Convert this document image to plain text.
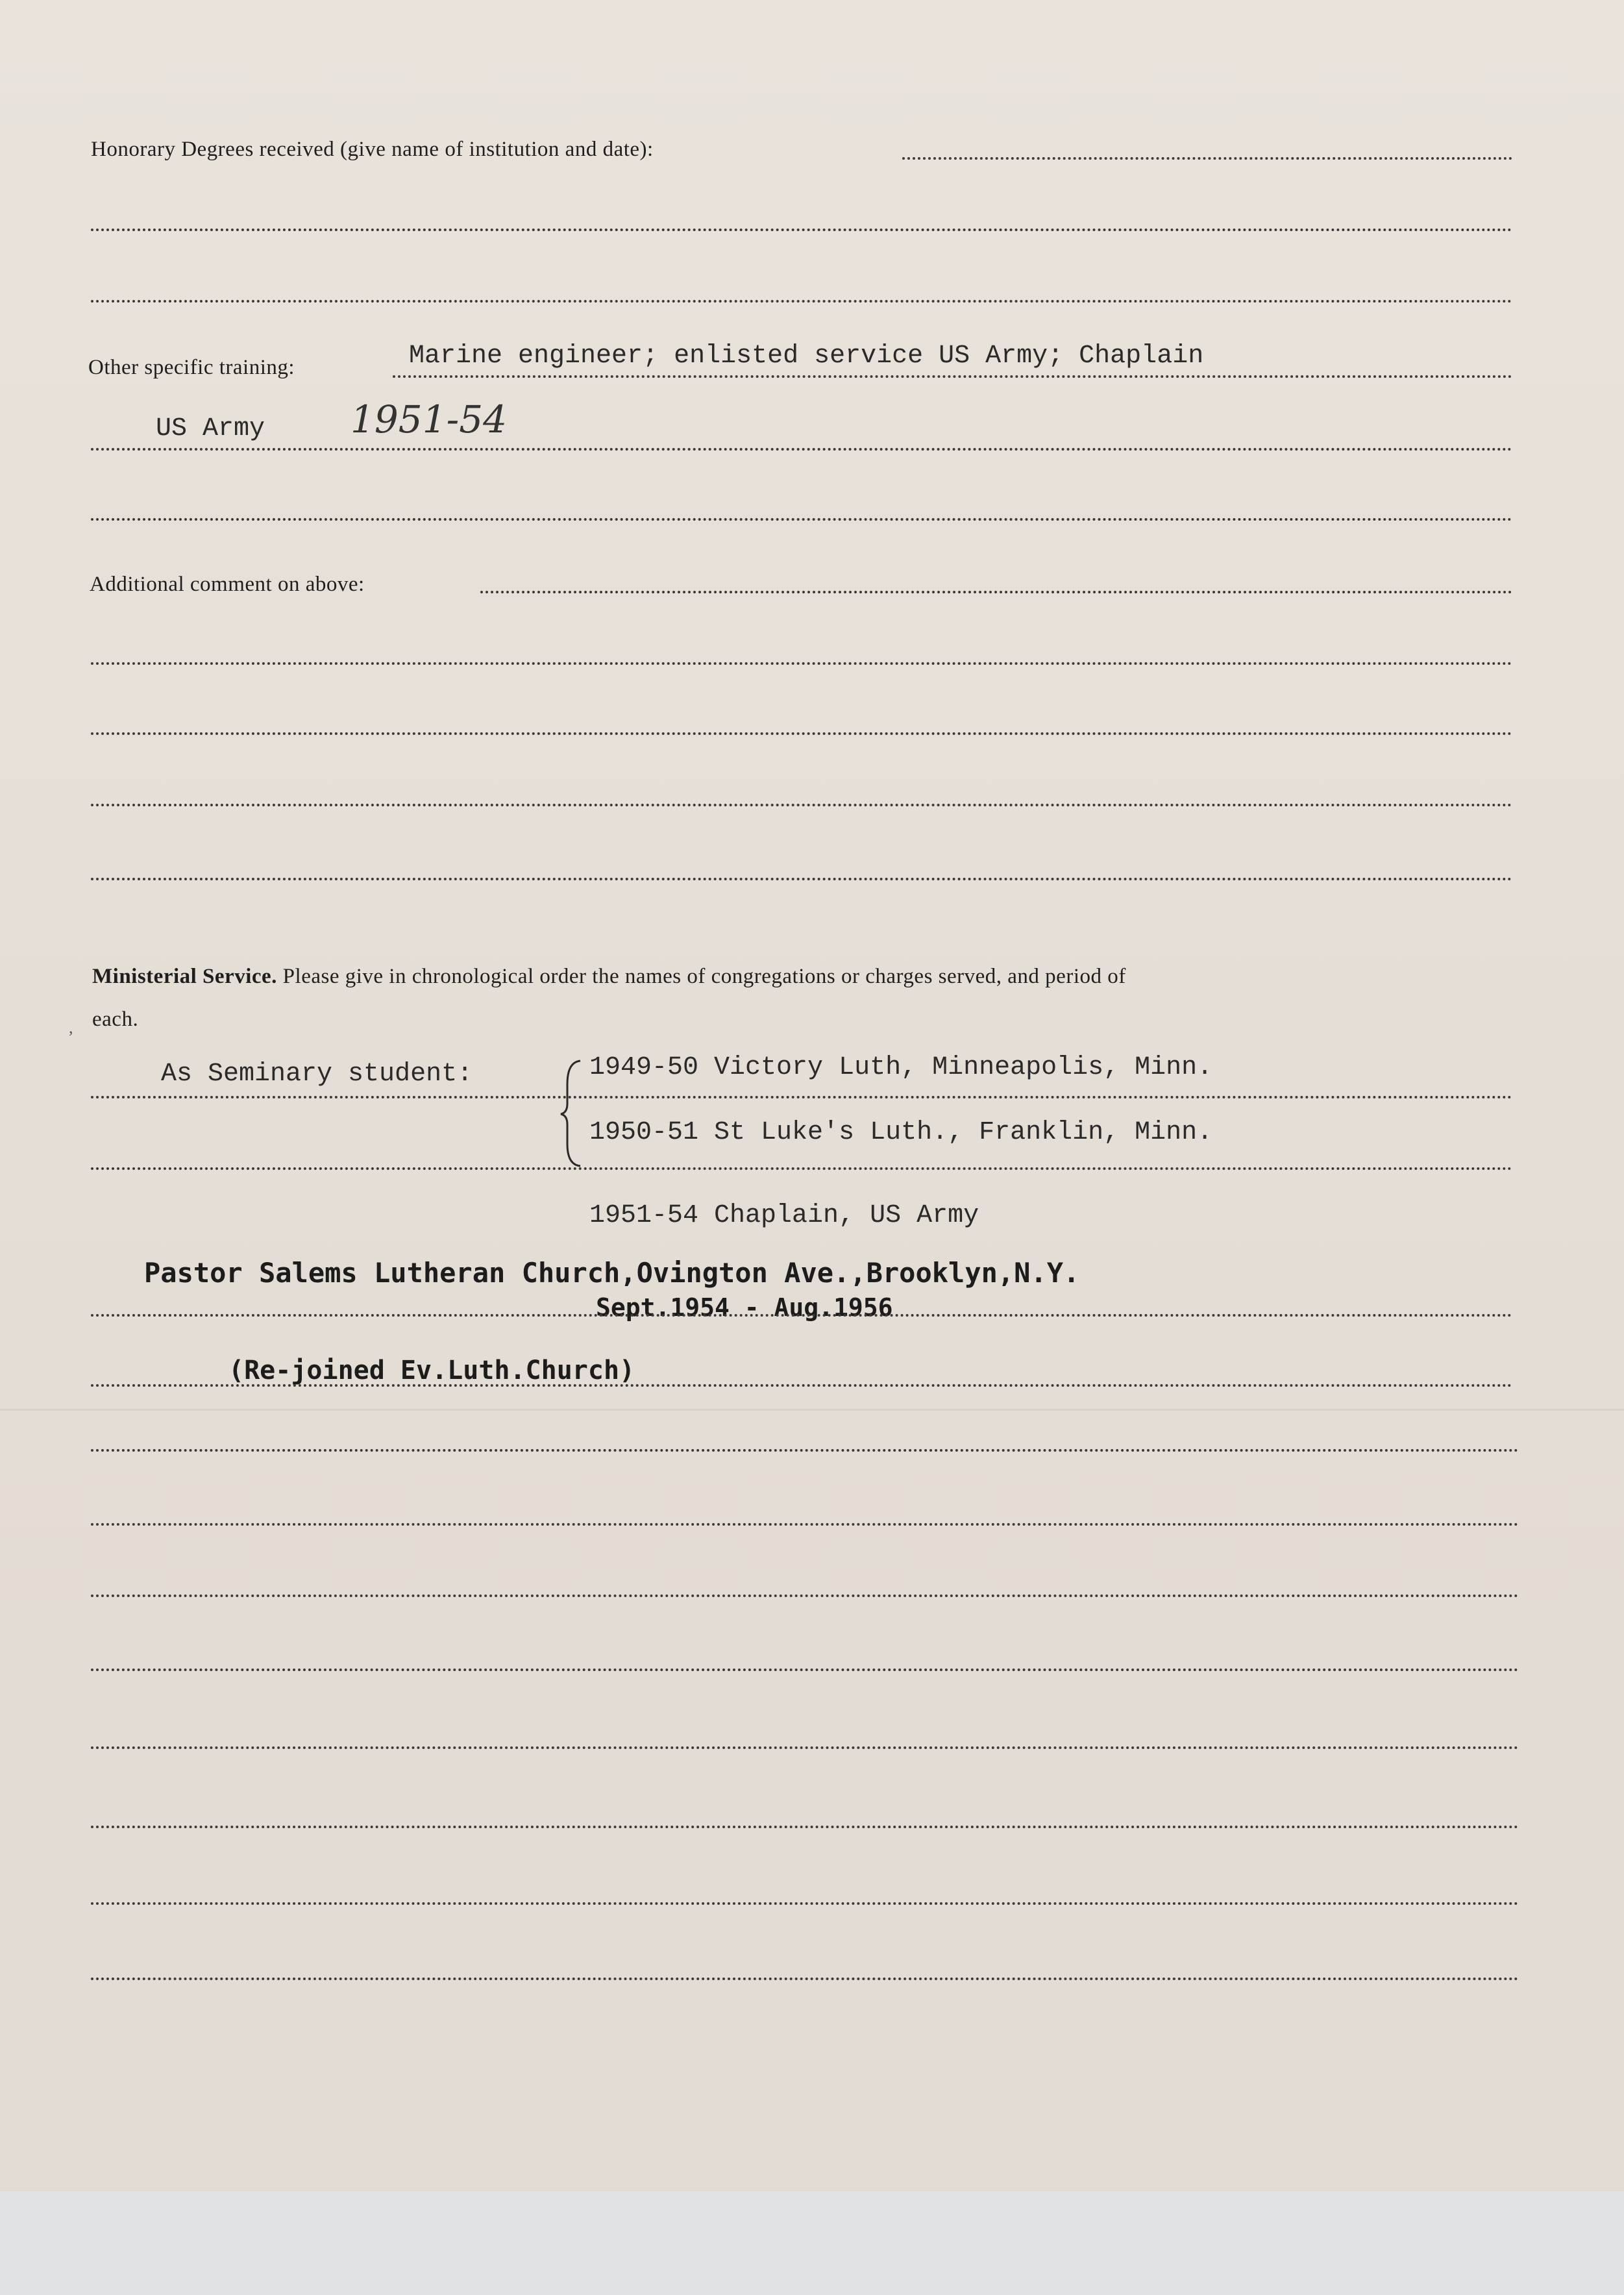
Honorary Degrees received (give name of institution and date):
Other specific training:	Marine engineer; enlisted service US Army; Chaplain
US Army 1951-54
Additional comment on above:
Ministerial Service. Please give in chronological order the names of congregations or charges served, and period of
each.
,
As Seminary student:	1949-50 Victory Luth, Minneapolis, Minn.
1950-51 St Luke's Luth., Franklin, Minn.
1951-54 Chaplain, US Army
Pastor Salems Lutheran Church,Ovington Ave.,Brooklyn,N.Y.
Sept.1954 - Aug.1956
(Re-joined Ev.Luth.Church)
